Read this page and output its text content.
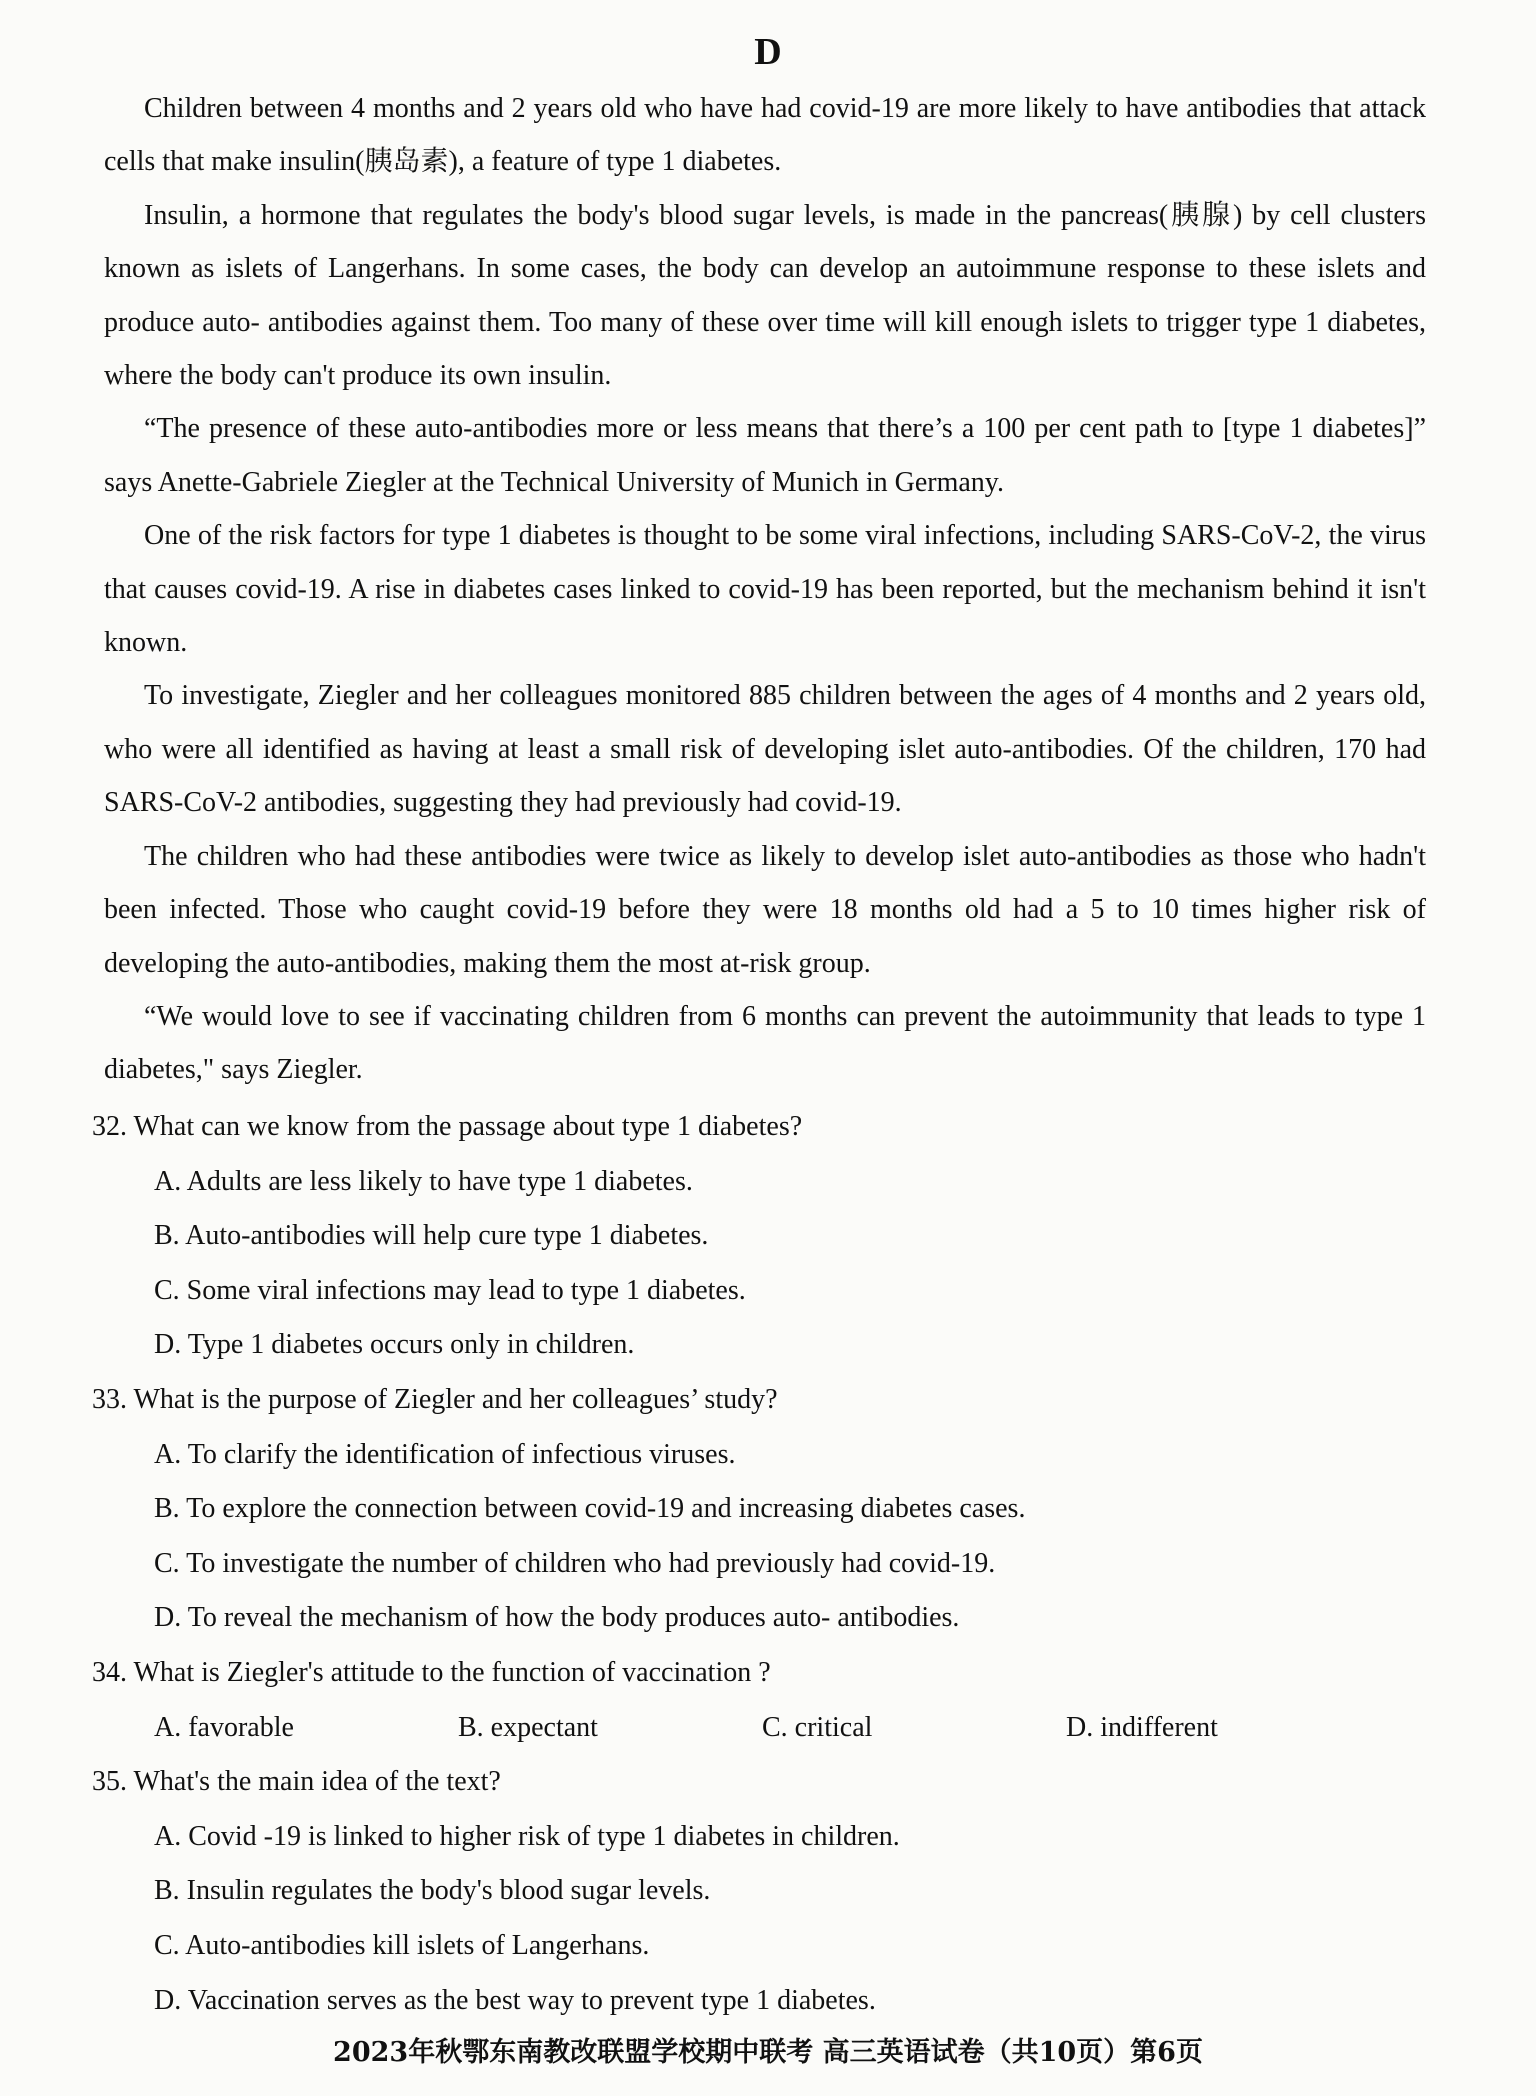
D

Children between 4 months and 2 years old who have had covid-19 are more likely to have antibodies that attack cells that make insulin(胰岛素), a feature of type 1 diabetes.

Insulin, a hormone that regulates the body's blood sugar levels, is made in the pancreas(胰腺) by cell clusters known as islets of Langerhans. In some cases, the body can develop an autoimmune response to these islets and produce auto- antibodies against them. Too many of these over time will kill enough islets to trigger type 1 diabetes, where the body can't produce its own insulin.

“The presence of these auto-antibodies more or less means that there’s a 100 per cent path to [type 1 diabetes]” says Anette-Gabriele Ziegler at the Technical University of Munich in Germany.

One of the risk factors for type 1 diabetes is thought to be some viral infections, including SARS-CoV-2, the virus that causes covid-19. A rise in diabetes cases linked to covid-19 has been reported, but the mechanism behind it isn't known.

To investigate, Ziegler and her colleagues monitored 885 children between the ages of 4 months and 2 years old, who were all identified as having at least a small risk of developing islet auto-antibodies. Of the children, 170 had SARS-CoV-2 antibodies, suggesting they had previously had covid-19.

The children who had these antibodies were twice as likely to develop islet auto-antibodies as those who hadn't been infected. Those who caught covid-19 before they were 18 months old had a 5 to 10 times higher risk of developing the auto-antibodies, making them the most at-risk group.

“We would love to see if vaccinating children from 6 months can prevent the autoimmunity that leads to type 1 diabetes," says Ziegler.

32. What can we know from the passage about type 1 diabetes?
A. Adults are less likely to have type 1 diabetes.
B. Auto-antibodies will help cure type 1 diabetes.
C. Some viral infections may lead to type 1 diabetes.
D. Type 1 diabetes occurs only in children.
33. What is the purpose of Ziegler and her colleagues’ study?
A. To clarify the identification of infectious viruses.
B. To explore the connection between covid-19 and increasing diabetes cases.
C. To investigate the number of children who had previously had covid-19.
D. To reveal the mechanism of how the body produces auto- antibodies.
34. What is Ziegler's attitude to the function of vaccination ?
A. favorable	B. expectant	C. critical	D. indifferent
35. What's the main idea of the text?
A. Covid -19 is linked to higher risk of type 1 diabetes in children.
B. Insulin regulates the body's blood sugar levels.
C. Auto-antibodies kill islets of Langerhans.
D. Vaccination serves as the best way to prevent type 1 diabetes.
2023年秋鄂东南教改联盟学校期中联考 高三英语试卷（共10页）第6页
